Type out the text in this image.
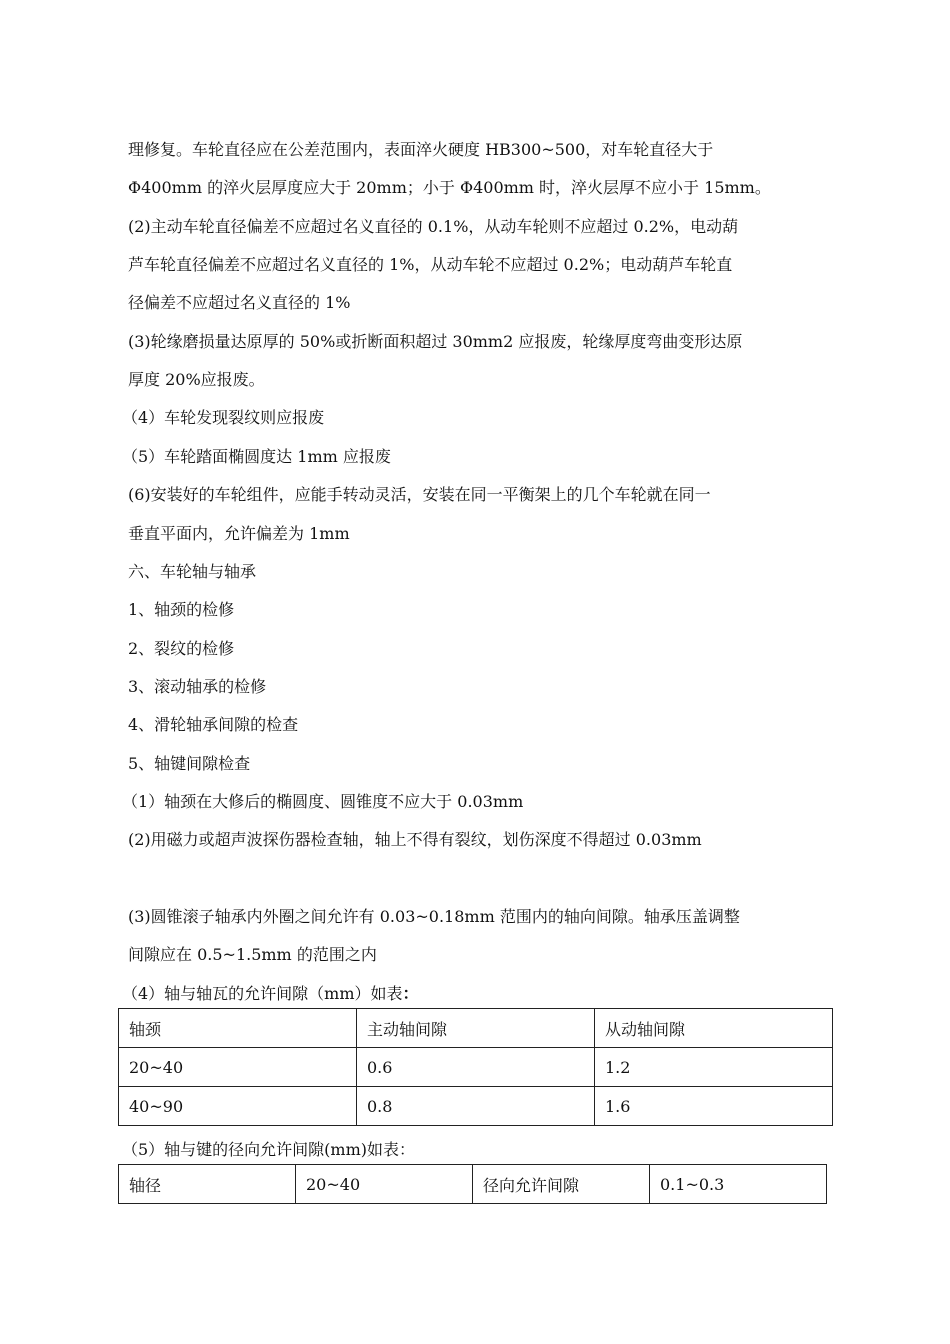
理修复。车轮直径应在公差范围内，表面淬火硬度 HB300~500，对车轮直径大于

Φ400mm 的淬火层厚度应大于 20mm；小于 Φ400mm 时，淬火层厚不应小于 15mm。

(2)主动车轮直径偏差不应超过名义直径的 0.1%，从动车轮则不应超过 0.2%，电动葫

芦车轮直径偏差不应超过名义直径的 1%，从动车轮不应超过 0.2%；电动葫芦车轮直

径偏差不应超过名义直径的 1%

(3)轮缘磨损量达原厚的 50%或折断面积超过 30mm2 应报废，轮缘厚度弯曲变形达原

厚度 20%应报废。

（4）车轮发现裂纹则应报废

（5）车轮踏面椭圆度达 1mm 应报废

(6)安装好的车轮组件，应能手转动灵活，安装在同一平衡架上的几个车轮就在同一

垂直平面内，允许偏差为 1mm

六、车轮轴与轴承

1、轴颈的检修

2、裂纹的检修

3、滚动轴承的检修

4、滑轮轴承间隙的检查

5、轴键间隙检查

（1）轴颈在大修后的椭圆度、圆锥度不应大于 0.03mm

(2)用磁力或超声波探伤器检查轴，轴上不得有裂纹，划伤深度不得超过 0.03mm

(3)圆锥滚子轴承内外圈之间允许有 0.03~0.18mm 范围内的轴向间隙。轴承压盖调整

间隙应在 0.5~1.5mm 的范围之内

（4）轴与轴瓦的允许间隙（mm）如表：

轴颈	主动轴间隙	从动轴间隙
20~40	0.6	1.2
40~90	0.8	1.6

（5）轴与键的径向允许间隙(mm)如表：

轴径	20~40	径向允许间隙	0.1~0.3
